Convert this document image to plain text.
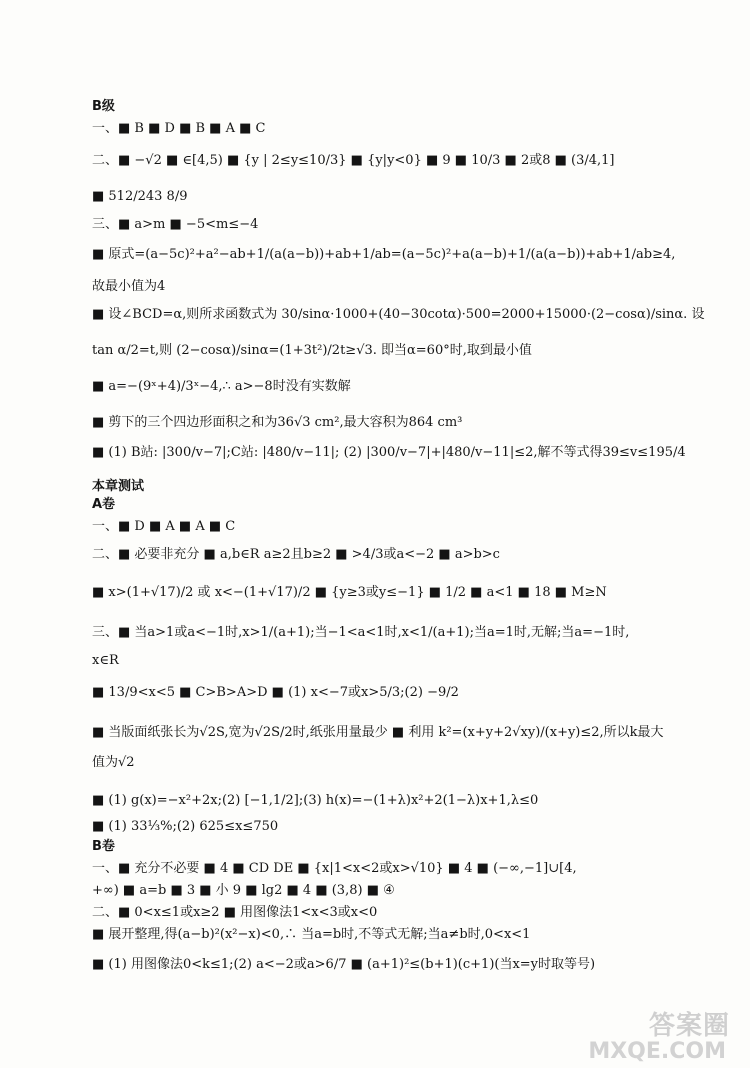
B级
一、■ B ■ D ■ B ■ A ■ C
二、■ −√2 ■ ∈[4,5) ■ {y | 2≤y≤10/3} ■ {y|y<0} ■ 9 ■ 10/3 ■ 2或8 ■ (3/4,1]
■ 512/243 8/9
三、■ a>m ■ −5<m≤−4
■ 原式=(a−5c)²+a²−ab+1/(a(a−b))+ab+1/ab=(a−5c)²+a(a−b)+1/(a(a−b))+ab+1/ab≥4,
故最小值为4
■ 设∠BCD=α,则所求函数式为 30/sinα·1000+(40−30cotα)·500=2000+15000·(2−cosα)/sinα. 设
tan α/2=t,则 (2−cosα)/sinα=(1+3t²)/2t≥√3. 即当α=60°时,取到最小值
■ a=−(9ˣ+4)/3ˣ−4,∴ a>−8时没有实数解
■ 剪下的三个四边形面积之和为36√3 cm²,最大容积为864 cm³
■ (1) B站: |300/v−7|;C站: |480/v−11|; (2) |300/v−7|+|480/v−11|≤2,解不等式得39≤v≤195/4
本章测试
A卷
一、■ D ■ A ■ A ■ C
二、■ 必要非充分 ■ a,b∈R a≥2且b≥2 ■ >4/3或a<−2 ■ a>b>c
■ x>(1+√17)/2 或 x<−(1+√17)/2 ■ {y≥3或y≤−1} ■ 1/2 ■ a<1 ■ 18 ■ M≥N
三、■ 当a>1或a<−1时,x>1/(a+1);当−1<a<1时,x<1/(a+1);当a=1时,无解;当a=−1时,
x∈R
■ 13/9<x<5 ■ C>B>A>D ■ (1) x<−7或x>5/3;(2) −9/2
■ 当版面纸张长为√2S,宽为√2S/2时,纸张用量最少 ■ 利用 k²=(x+y+2√xy)/(x+y)≤2,所以k最大
值为√2
■ (1) g(x)=−x²+2x;(2) [−1,1/2];(3) h(x)=−(1+λ)x²+2(1−λ)x+1,λ≤0
■ (1) 33⅓%;(2) 625≤x≤750
B卷
一、■ 充分不必要 ■ 4 ■ CD DE ■ {x|1<x<2或x>√10} ■ 4 ■ (−∞,−1]∪[4,
+∞) ■ a=b ■ 3 ■ 小 9 ■ lg2 ■ 4 ■ (3,8) ■ ④
二、■ 0<x≤1或x≥2 ■ 用图像法1<x<3或x<0
■ 展开整理,得(a−b)²(x²−x)<0,∴ 当a=b时,不等式无解;当a≠b时,0<x<1
■ (1) 用图像法0<k≤1;(2) a<−2或a>6/7 ■ (a+1)²≤(b+1)(c+1)(当x=y时取等号)
答案圈
MXQE.COM
